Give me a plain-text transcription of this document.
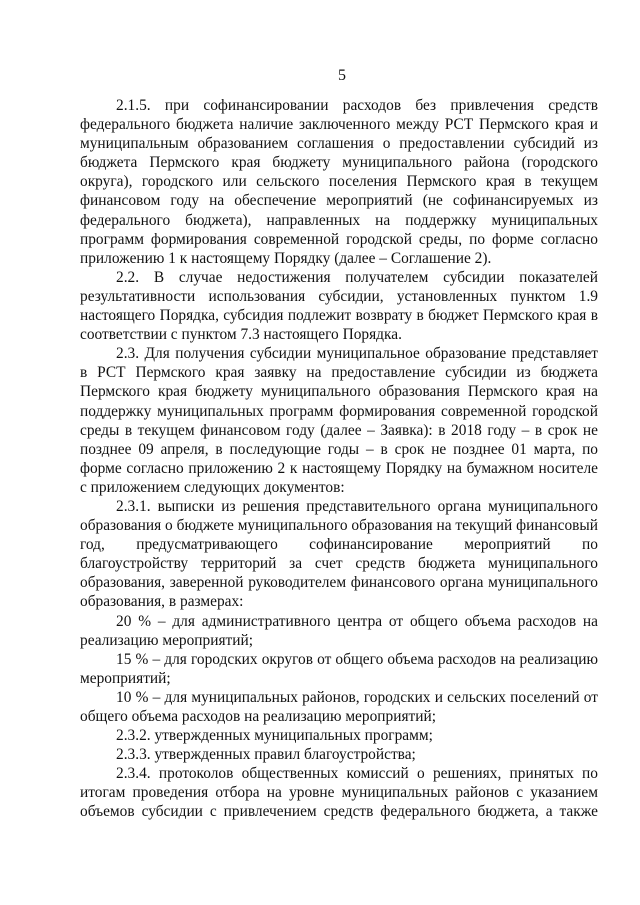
5

2.1.5. при софинансировании расходов без привлечения средств федерального бюджета наличие заключенного между РСТ Пермского края и муниципальным образованием соглашения о предоставлении субсидий из бюджета Пермского края бюджету муниципального района (городского округа), городского или сельского поселения Пермского края в текущем финансовом году на обеспечение мероприятий (не софинансируемых из федерального бюджета), направленных на поддержку муниципальных программ формирования современной городской среды, по форме согласно приложению 1 к настоящему Порядку (далее – Соглашение 2).

2.2. В случае недостижения получателем субсидии показателей результативности использования субсидии, установленных пунктом 1.9 настоящего Порядка, субсидия подлежит возврату в бюджет Пермского края в соответствии с пунктом 7.3 настоящего Порядка.

2.3. Для получения субсидии муниципальное образование представляет в РСТ Пермского края заявку на предоставление субсидии из бюджета Пермского края бюджету муниципального образования Пермского края на поддержку муниципальных программ формирования современной городской среды в текущем финансовом году (далее – Заявка): в 2018 году – в срок не позднее 09 апреля, в последующие годы – в срок не позднее 01 марта, по форме согласно приложению 2 к настоящему Порядку на бумажном носителе с приложением следующих документов:

2.3.1. выписки из решения представительного органа муниципального образования о бюджете муниципального образования на текущий финансовый год, предусматривающего софинансирование мероприятий по благоустройству территорий за счет средств бюджета муниципального образования, заверенной руководителем финансового органа муниципального образования, в размерах:

20 % – для административного центра от общего объема расходов на реализацию мероприятий;

15 % – для городских округов от общего объема расходов на реализацию мероприятий;

10 % – для муниципальных районов, городских и сельских поселений от общего объема расходов на реализацию мероприятий;

2.3.2. утвержденных муниципальных программ;

2.3.3. утвержденных правил благоустройства;

2.3.4. протоколов общественных комиссий о решениях, принятых по итогам проведения отбора на уровне муниципальных районов с указанием объемов субсидии с привлечением средств федерального бюджета, а также
